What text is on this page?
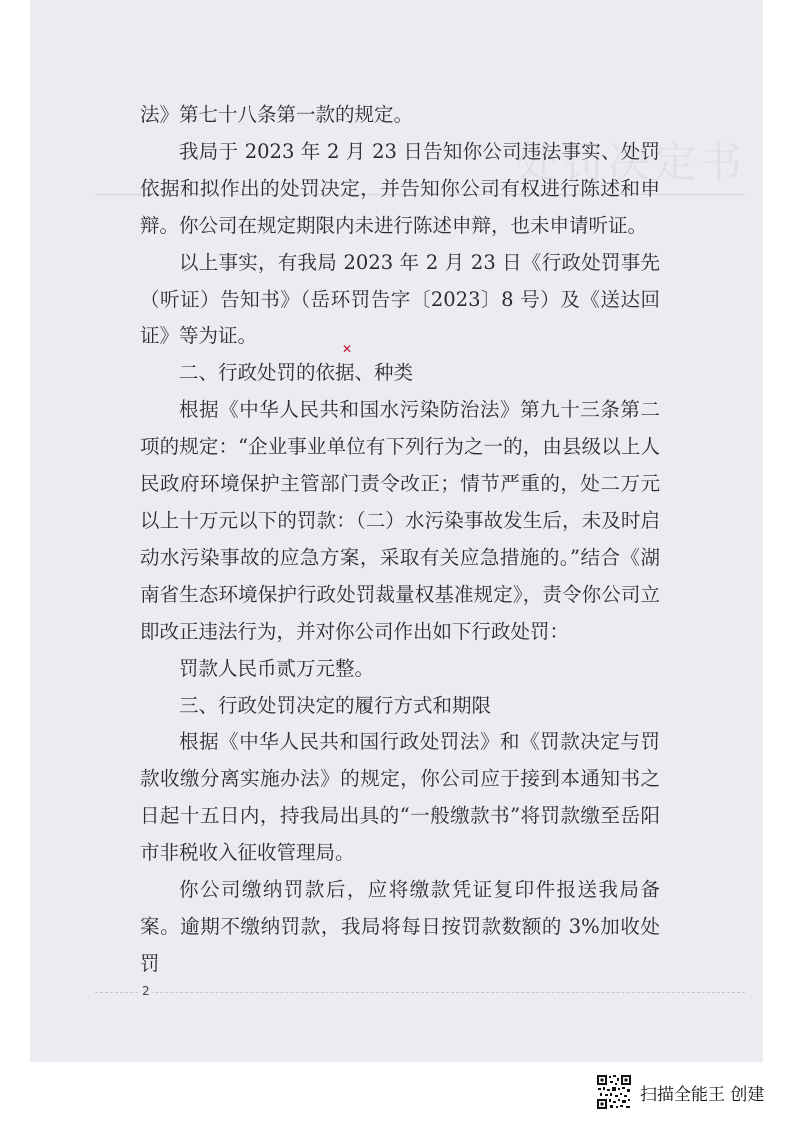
处罚决定书

法》第七十八条第一款的规定。

我局于 2023 年 2 月 23 日告知你公司违法事实、处罚依据和拟作出的处罚决定，并告知你公司有权进行陈述和申辩。你公司在规定期限内未进行陈述申辩，也未申请听证。

以上事实，有我局 2023 年 2 月 23 日《行政处罚事先（听证）告知书》（岳环罚告字〔2023〕8 号）及《送达回证》等为证。

二、行政处罚的依据、种类

根据《中华人民共和国水污染防治法》第九十三条第二项的规定：“企业事业单位有下列行为之一的，由县级以上人民政府环境保护主管部门责令改正；情节严重的，处二万元以上十万元以下的罚款：（二）水污染事故发生后，未及时启动水污染事故的应急方案，采取有关应急措施的。”结合《湖南省生态环境保护行政处罚裁量权基准规定》，责令你公司立即改正违法行为，并对你公司作出如下行政处罚：

罚款人民币贰万元整。

三、行政处罚决定的履行方式和期限

根据《中华人民共和国行政处罚法》和《罚款决定与罚款收缴分离实施办法》的规定，你公司应于接到本通知书之日起十五日内，持我局出具的“一般缴款书”将罚款缴至岳阳市非税收入征收管理局。

你公司缴纳罚款后，应将缴款凭证复印件报送我局备案。逾期不缴纳罚款，我局将每日按罚款数额的 3%加收处罚

✕
2
扫描全能王 创建
